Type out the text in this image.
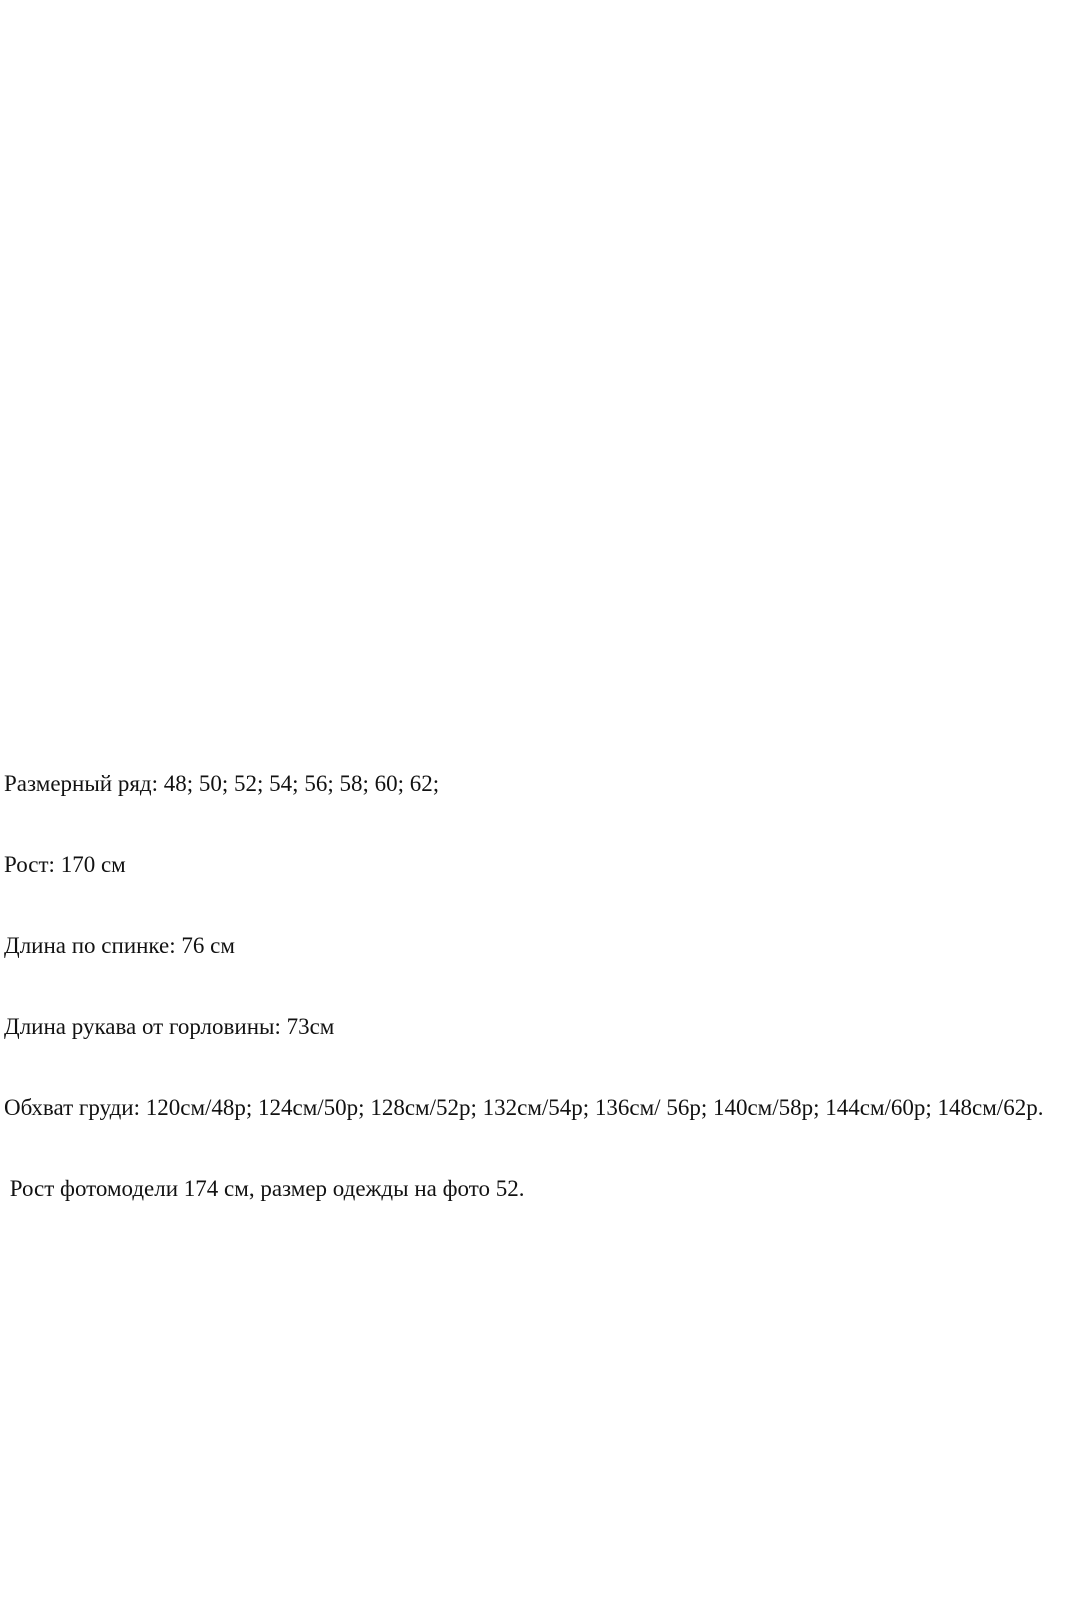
Размерный ряд: 48; 50; 52; 54; 56; 58; 60; 62;

Рост: 170 см

Длина по спинке: 76 см

Длина рукава от горловины: 73см

Обхват груди: 120см/48р; 124см/50р; 128см/52р; 132см/54р; 136см/ 56р; 140см/58р; 144см/60р; 148см/62р.

Рост фотомодели 174 см, размер одежды на фото 52.
